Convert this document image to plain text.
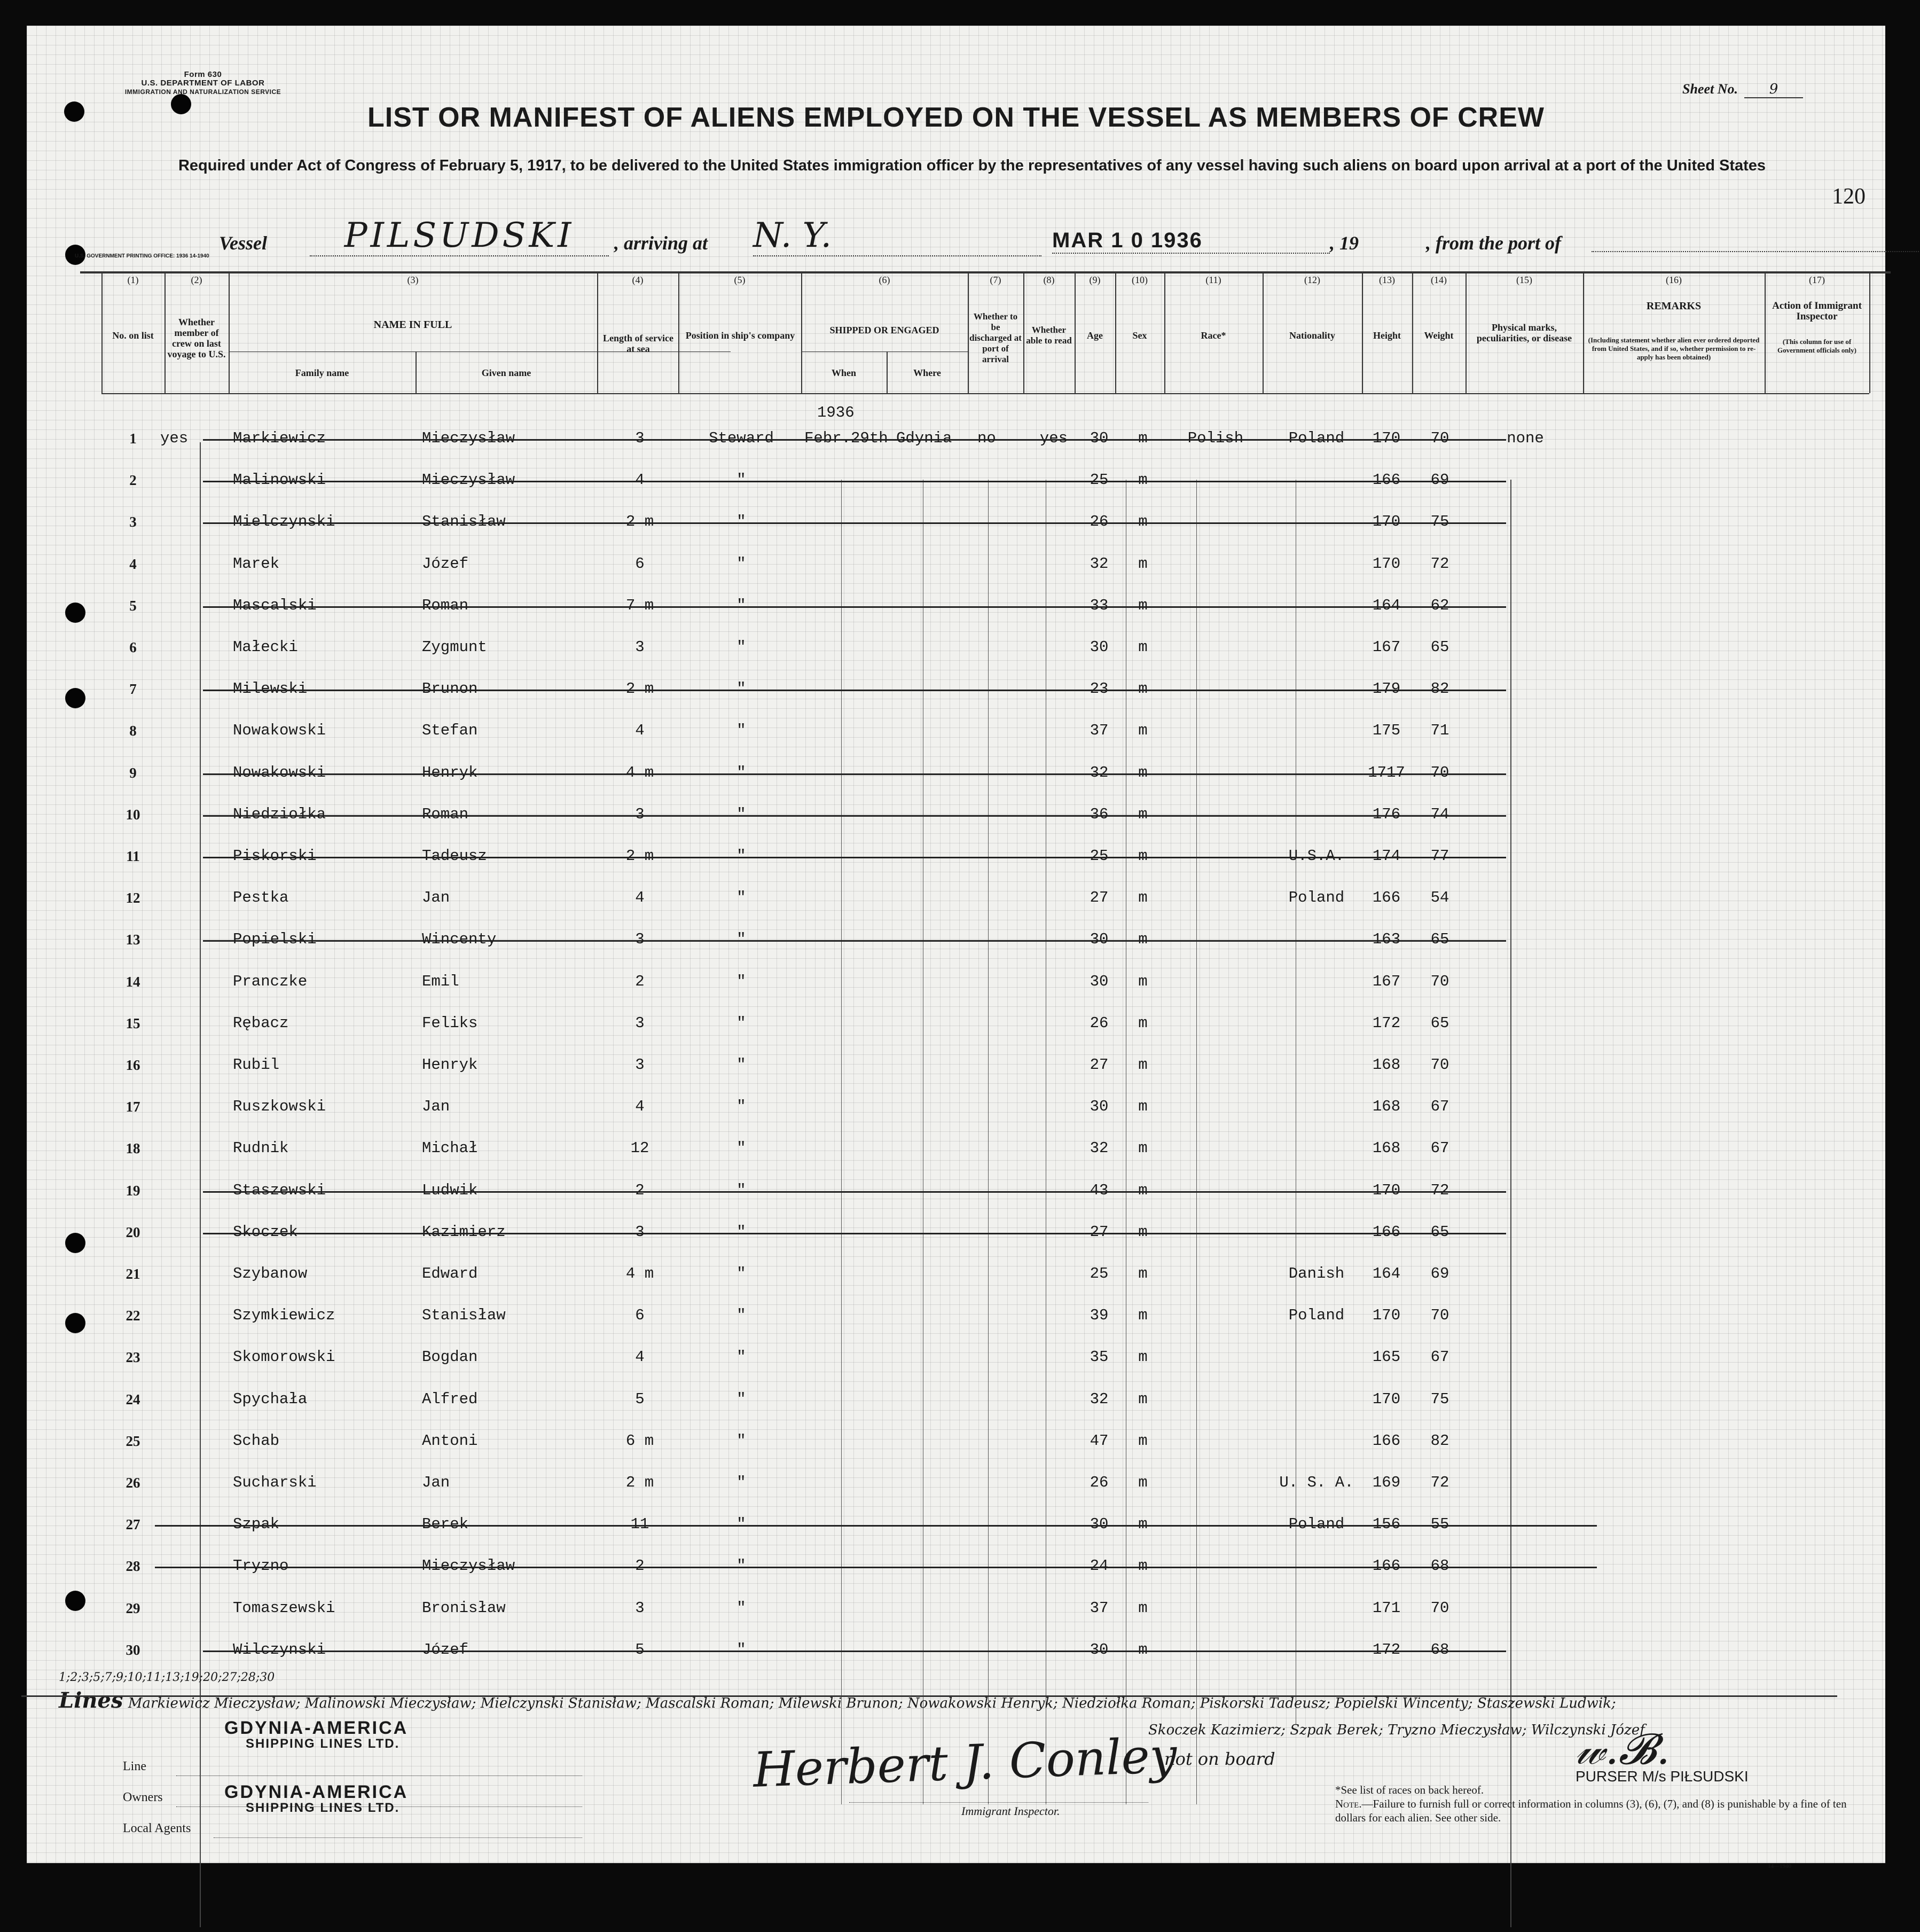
Form 630
U.S. DEPARTMENT OF LABOR
IMMIGRATION AND NATURALIZATION SERVICE	Sheet No. 9
LIST OR MANIFEST OF ALIENS EMPLOYED ON THE VESSEL AS MEMBERS OF CREW
Required under Act of Congress of February 5, 1917, to be delivered to the United States immigration officer by the representatives of any vessel having such aliens on board upon arrival at a port of the United States
120
Vessel	PILSUDSKI	, arriving at N. Y.	MAR 1 0 1936	, 19	, from the port of
U.S. GOVERNMENT PRINTING OFFICE: 1936 14-1940
(1)	(2)	(3)	(4)	(5)	(6)	(7)	(8)	(9)	(10)	(11)	(12)	(13)	(14)	(15)	(16)	(17)
No. on list
Whether member of crew on last voyage to U.S.
NAME IN FULL
Family name	Given name
Length of service at sea
Position in ship's company	SHIPPED OR ENGAGED
When	Where
Whether to be discharged at port of arrival
Whether able to read	Age	Sex	Race*	Nationality	Height	Weight
Physical marks, peculiarities, or disease
REMARKS
(Including statement whether alien ever ordered deported from United States, and if so, whether permission to re-apply has been obtained)
Action of Immigrant Inspector
(This column for use of Government officials only)
1936
1	yes	Markiewicz	Mieczysław	3	Steward	Febr.29th Gdynia	no	yes	30	m	Polish	Poland	170	70	none
2	Malinowski	Mieczysław	4	"	25	m	166	69
3	Mielczynski	Stanisław	2 m	"	26	m	170	75
4	Marek	Józef	6	"	32	m	170	72
5	Mascalski	Roman	7 m	"	33	m	164	62
6	Małecki	Zygmunt	3	"	30	m	167	65
7	Milewski	Brunon	2 m	"	23	m	179	82
8	Nowakowski	Stefan	4	"	37	m	175	71
9	Nowakowski	Henryk	4 m	"	32	m	1717	70
10	Niedziołka	Roman	3	"	36	m	176	74
11	Piskorski	Tadeusz	2 m	"	25	m	U.S.A.	174	77
12	Pestka	Jan	4	"	27	m	Poland	166	54
13	Popielski	Wincenty	3	"	30	m	163	65
14	Pranczke	Emil	2	"	30	m	167	70
15	Rębacz	Feliks	3	"	26	m	172	65
16	Rubil	Henryk	3	"	27	m	168	70
17	Ruszkowski	Jan	4	"	30	m	168	67
18	Rudnik	Michał	12	"	32	m	168	67
19	Staszewski	Ludwik	2	"	43	m	170	72
20	Skoczek	Kazimierz	3	"	27	m	166	65
21	Szybanow	Edward	4 m	"	25	m	Danish	164	69
22	Szymkiewicz	Stanisław	6	"	39	m	Poland	170	70
23	Skomorowski	Bogdan	4	"	35	m	165	67
24	Spychała	Alfred	5	"	32	m	170	75
25	Schab	Antoni	6 m	"	47	m	166	82
26	Sucharski	Jan	2 m	"	26	m	U. S. A.	169	72
27	Szpak	Berek	11	"	30	m	Poland	156	55
28	Tryzno	Mieczysław	2	"	24	m	166	68
29	Tomaszewski	Bronisław	3	"	37	m	171	70
30	Wilczynski	Józef	5	"	30	m	172	68
1;2;3;5;7;9;10;11;13;19;20;27;28;30
Lines Markiewicz Mieczysław; Malinowski Mieczysław; Mielczynski Stanisław; Mascalski Roman; Milewski Brunon; Nowakowski Henryk; Niedziołka Roman; Piskorski Tadeusz; Popielski Wincenty; Staszewski Ludwik;
Skoczek Kazimierz; Szpak Berek; Tryzno Mieczysław; Wilczynski Józef
not on board
Line
Owners
Local Agents
GDYNIA-AMERICA
SHIPPING LINES LTD.
GDYNIA-AMERICA
SHIPPING LINES LTD.
Herbert J. Conley
Immigrant Inspector.
*See list of races on back hereof.
Note.—Failure to furnish full or correct information in columns (3), (6), (7), and (8) is punishable by a fine of ten dollars for each alien. See other side.
14—1940
𝓌.𝓑.
PURSER M/s PIŁSUDSKI
